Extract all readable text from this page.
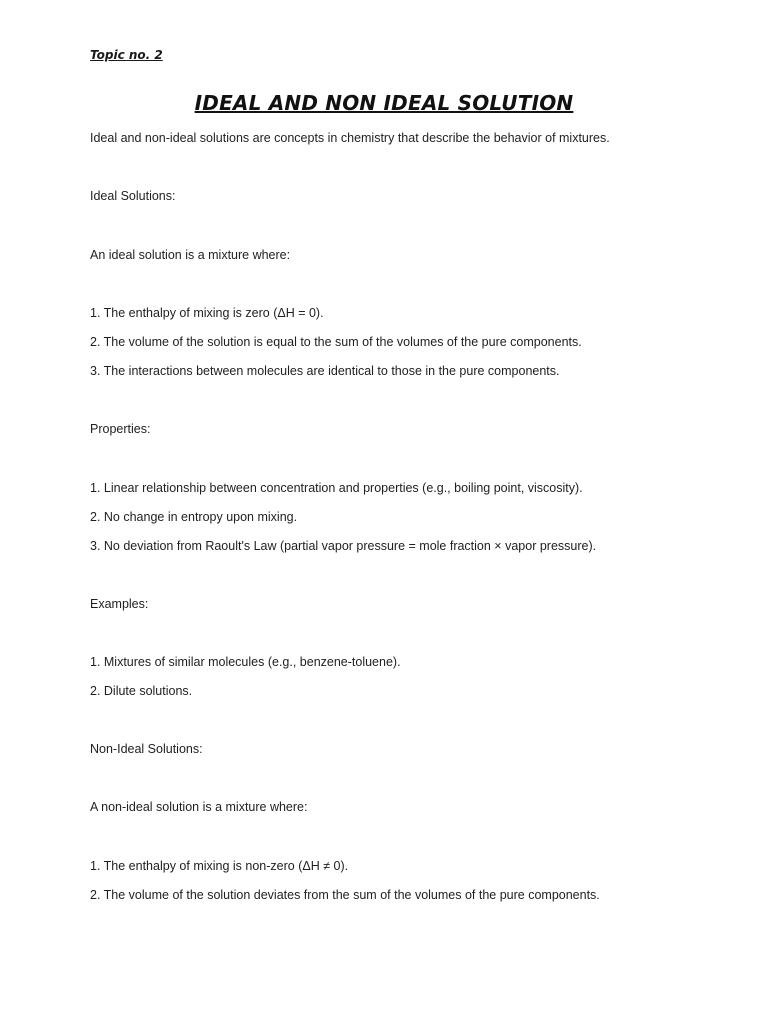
Topic no. 2
IDEAL AND NON IDEAL SOLUTION
Ideal and non-ideal solutions are concepts in chemistry that describe the behavior of mixtures.
Ideal Solutions:
An ideal solution is a mixture where:
1. The enthalpy of mixing is zero (ΔH = 0).
2. The volume of the solution is equal to the sum of the volumes of the pure components.
3. The interactions between molecules are identical to those in the pure components.
Properties:
1. Linear relationship between concentration and properties (e.g., boiling point, viscosity).
2. No change in entropy upon mixing.
3. No deviation from Raoult's Law (partial vapor pressure = mole fraction × vapor pressure).
Examples:
1. Mixtures of similar molecules (e.g., benzene-toluene).
2. Dilute solutions.
Non-Ideal Solutions:
A non-ideal solution is a mixture where:
1. The enthalpy of mixing is non-zero (ΔH ≠ 0).
2. The volume of the solution deviates from the sum of the volumes of the pure components.
